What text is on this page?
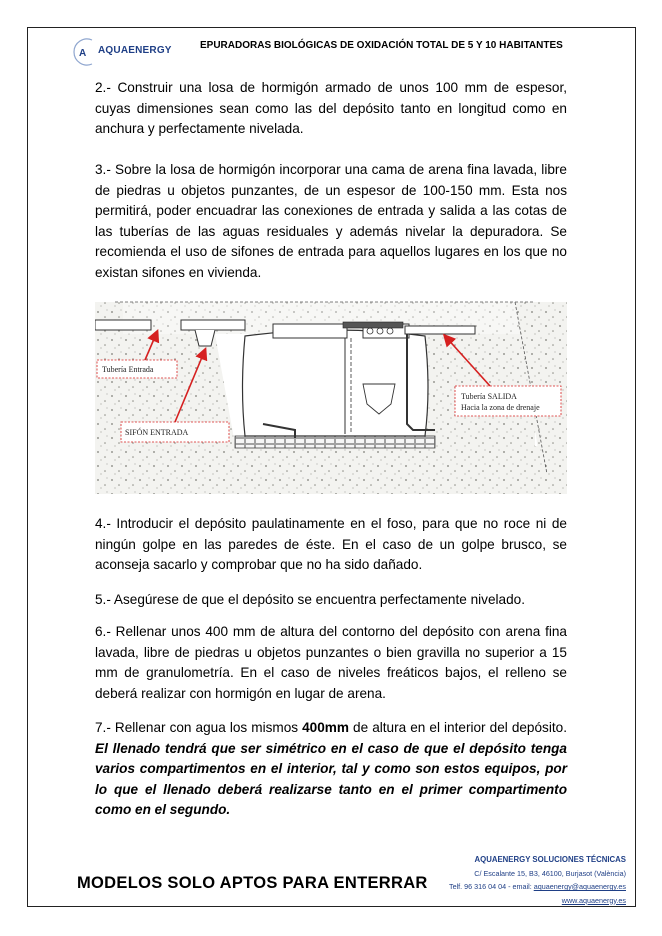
A AQUAENERGY	EPURADORAS BIOLÓGICAS DE OXIDACIÓN TOTAL DE 5 Y 10 HABITANTES
2.- Construir una losa de hormigón armado de unos 100 mm de espesor, cuyas dimensiones sean como las del depósito tanto en longitud como en anchura y perfectamente nivelada.
3.- Sobre la losa de hormigón incorporar una cama de arena fina lavada, libre de piedras u objetos punzantes, de un espesor de 100-150 mm. Esta nos permitirá, poder encuadrar las conexiones de entrada y salida a las cotas de las tuberías de las aguas residuales y además nivelar la depuradora. Se recomienda el uso de sifones de entrada para aquellos lugares en los que no existan sifones en vivienda.
Tubería Entrada
SIFÓN ENTRADA
Tubería SALIDA
Hacia la zona de drenaje
4.- Introducir el depósito paulatinamente en el foso, para que no roce ni de ningún golpe en las paredes de éste. En el caso de un golpe brusco, se aconseja sacarlo y comprobar que no ha sido dañado.
5.- Asegúrese de que el depósito se encuentra perfectamente nivelado.
6.- Rellenar unos 400 mm de altura del contorno del depósito con arena fina lavada, libre de piedras u objetos punzantes o bien gravilla no superior a 15 mm de granulometría. En el caso de niveles freáticos bajos, el relleno se deberá realizar con hormigón en lugar de arena.
7.- Rellenar con agua los mismos 400mm de altura en el interior del depósito. El llenado tendrá que ser simétrico en el caso de que el depósito tenga varios compartimentos en el interior, tal y como son estos equipos, por lo que el llenado deberá realizarse tanto en el primer compartimento como en el segundo.
MODELOS SOLO APTOS PARA ENTERRAR
AQUAENERGY SOLUCIONES TÉCNICAS
C/ Escalante 15, B3, 46100, Burjasot (València)
Telf. 96 316 04 04 - email: aquaenergy@aquaenergy.es
www.aquaenergy.es
